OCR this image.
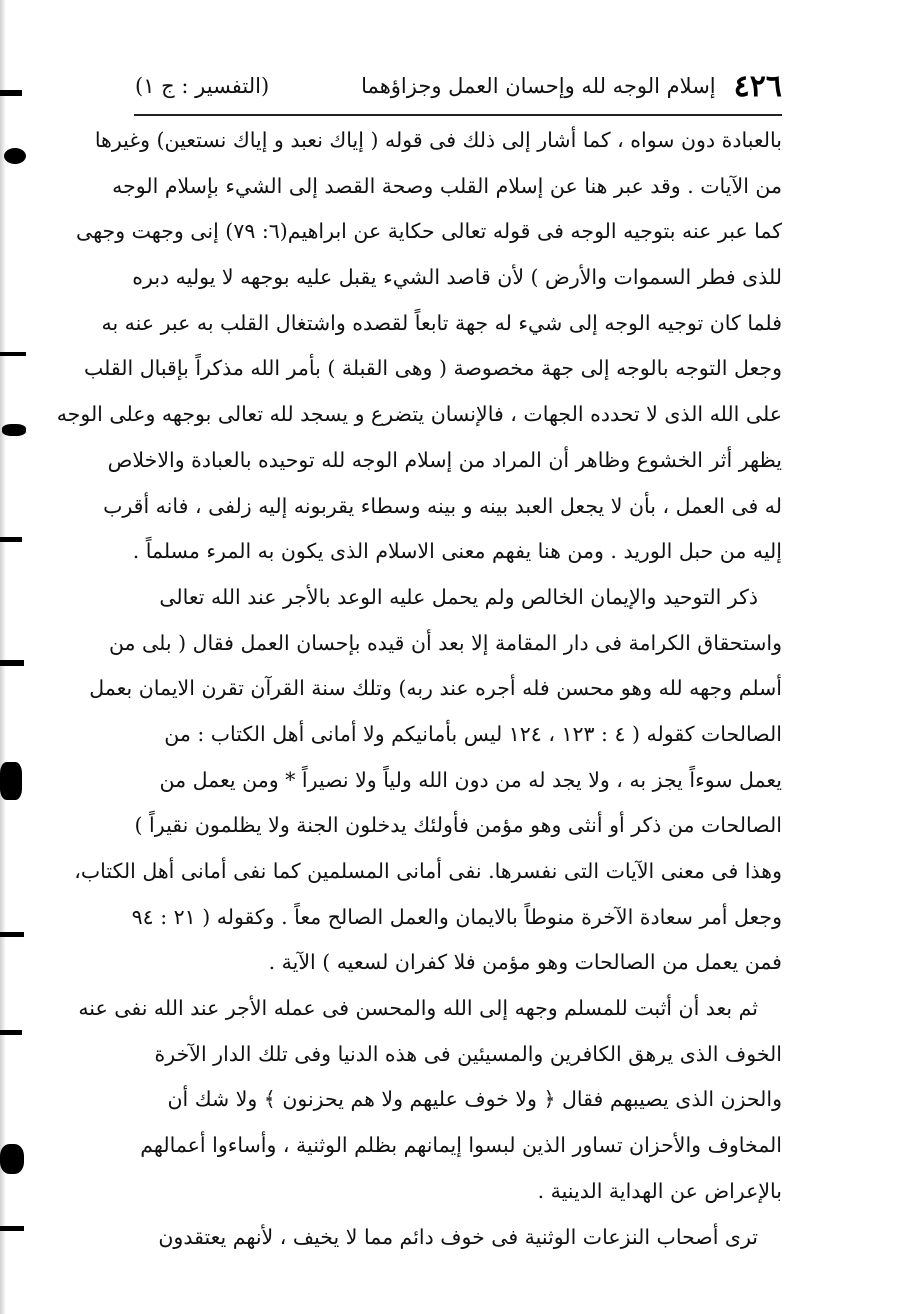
٤٢٦
إسلام الوجه لله وإحسان العمل وجزاؤهما
(التفسير : ج ١)
بالعبادة دون سواه ، كما أشار إلى ذلك فى قوله ( إياك نعبد و إياك نستعين) وغيرها
من الآيات . وقد عبر هنا عن إسلام القلب وصحة القصد إلى الشيء بإسلام الوجه
كما عبر عنه بتوجيه الوجه فى قوله تعالى حكاية عن ابراهيم(٦: ٧٩) إنى وجهت وجهى
للذى فطر السموات والأرض ) لأن قاصد الشيء يقبل عليه بوجهه لا يوليه دبره
فلما كان توجيه الوجه إلى شيء له جهة تابعاً لقصده واشتغال القلب به عبر عنه به
وجعل التوجه بالوجه إلى جهة مخصوصة ( وهى القبلة ) بأمر الله مذكراً بإقبال القلب
على الله الذى لا تحدده الجهات ، فالإنسان يتضرع و يسجد لله تعالى بوجهه وعلى الوجه
يظهر أثر الخشوع وظاهر أن المراد من إسلام الوجه لله توحيده بالعبادة والاخلاص
له فى العمل ، بأن لا يجعل العبد بينه و بينه وسطاء يقربونه إليه زلفى ، فانه أقرب
إليه من حبل الوريد . ومن هنا يفهم معنى الاسلام الذى يكون به المرء مسلماً .
ذكر التوحيد والإيمان الخالص ولم يحمل عليه الوعد بالأجر عند الله تعالى
واستحقاق الكرامة فى دار المقامة إلا بعد أن قيده بإحسان العمل فقال ( بلى من
أسلم وجهه لله وهو محسن فله أجره عند ربه) وتلك سنة القرآن تقرن الايمان بعمل
الصالحات كقوله ( ٤ : ١٢٣ ، ١٢٤ ليس بأمانيكم ولا أمانى أهل الكتاب : من
يعمل سوءاً يجز به ، ولا يجد له من دون الله ولياً ولا نصيراً * ومن يعمل من
الصالحات من ذكر أو أنثى وهو مؤمن فأولئك يدخلون الجنة ولا يظلمون نقيراً )
وهذا فى معنى الآيات التى نفسرها. نفى أمانى المسلمين كما نفى أمانى أهل الكتاب،
وجعل أمر سعادة الآخرة منوطاً بالايمان والعمل الصالح معاً . وكقوله ( ٢١ : ٩٤
فمن يعمل من الصالحات وهو مؤمن فلا كفران لسعيه ) الآية .
ثم بعد أن أثبت للمسلم وجهه إلى الله والمحسن فى عمله الأجر عند الله نفى عنه
الخوف الذى يرهق الكافرين والمسيئين فى هذه الدنيا وفى تلك الدار الآخرة
والحزن الذى يصيبهم فقال ﴿ ولا خوف عليهم ولا هم يحزنون ﴾ ولا شك أن
المخاوف والأحزان تساور الذين لبسوا إيمانهم بظلم الوثنية ، وأساءوا أعمالهم
بالإعراض عن الهداية الدينية .
ترى أصحاب النزعات الوثنية فى خوف دائم مما لا يخيف ، لأنهم يعتقدون
